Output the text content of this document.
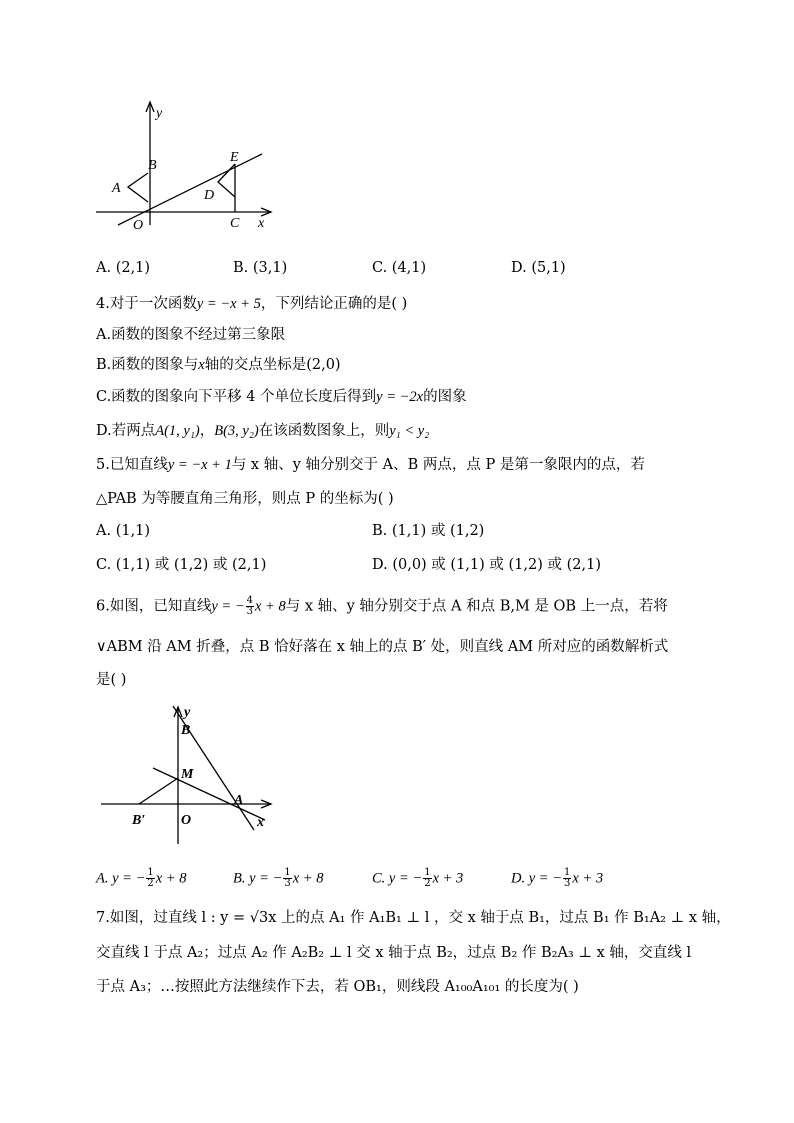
y
B
A
E
D
O	C x
A. (2,1)	B. (3,1)	C. (4,1)	D. (5,1)
4.对于一次函数y = −x + 5，下列结论正确的是( )
A.函数的图象不经过第三象限
B.函数的图象与x轴的交点坐标是(2,0)
C.函数的图象向下平移 4 个单位长度后得到y = −2x的图象
D.若两点A(1, y₁)，B(3, y₂)在该函数图象上，则y₁ < y₂
5.已知直线y = −x + 1与 x 轴、y 轴分别交于 A、B 两点，点 P 是第一象限内的点，若
△PAB 为等腰直角三角形，则点 P 的坐标为( )
A. (1,1)	B. (1,1) 或 (1,2)
C. (1,1) 或 (1,2) 或 (2,1)	D. (0,0) 或 (1,1) 或 (1,2) 或 (2,1)
6.如图，已知直线y = − $\frac{4}{3}$ x + 8与 x 轴、y 轴分别交于点 A 和点 B,M 是 OB 上一点，若将
∨ABM 沿 AM 折叠，点 B 恰好落在 x 轴上的点 B′ 处，则直线 AM 所对应的函数解析式
是( )
y
B
M
A
B′	O	x
A. y = − $\frac{1}{2}$ x + 8	B. y = − $\frac{1}{3}$ x + 8	C. y = − $\frac{1}{2}$ x + 3	D. y = − $\frac{1}{3}$ x + 3
7.如图，过直线 l : y = √3x 上的点 A₁ 作 A₁B₁ ⊥ l ，交 x 轴于点 B₁，过点 B₁ 作 B₁A₂ ⊥ x 轴，
交直线 l 于点 A₂；过点 A₂ 作 A₂B₂ ⊥ l 交 x 轴于点 B₂，过点 B₂ 作 B₂A₃ ⊥ x 轴，交直线 l
于点 A₃；…按照此方法继续作下去，若 OB₁，则线段 A₁₀₀A₁₀₁ 的长度为( )
